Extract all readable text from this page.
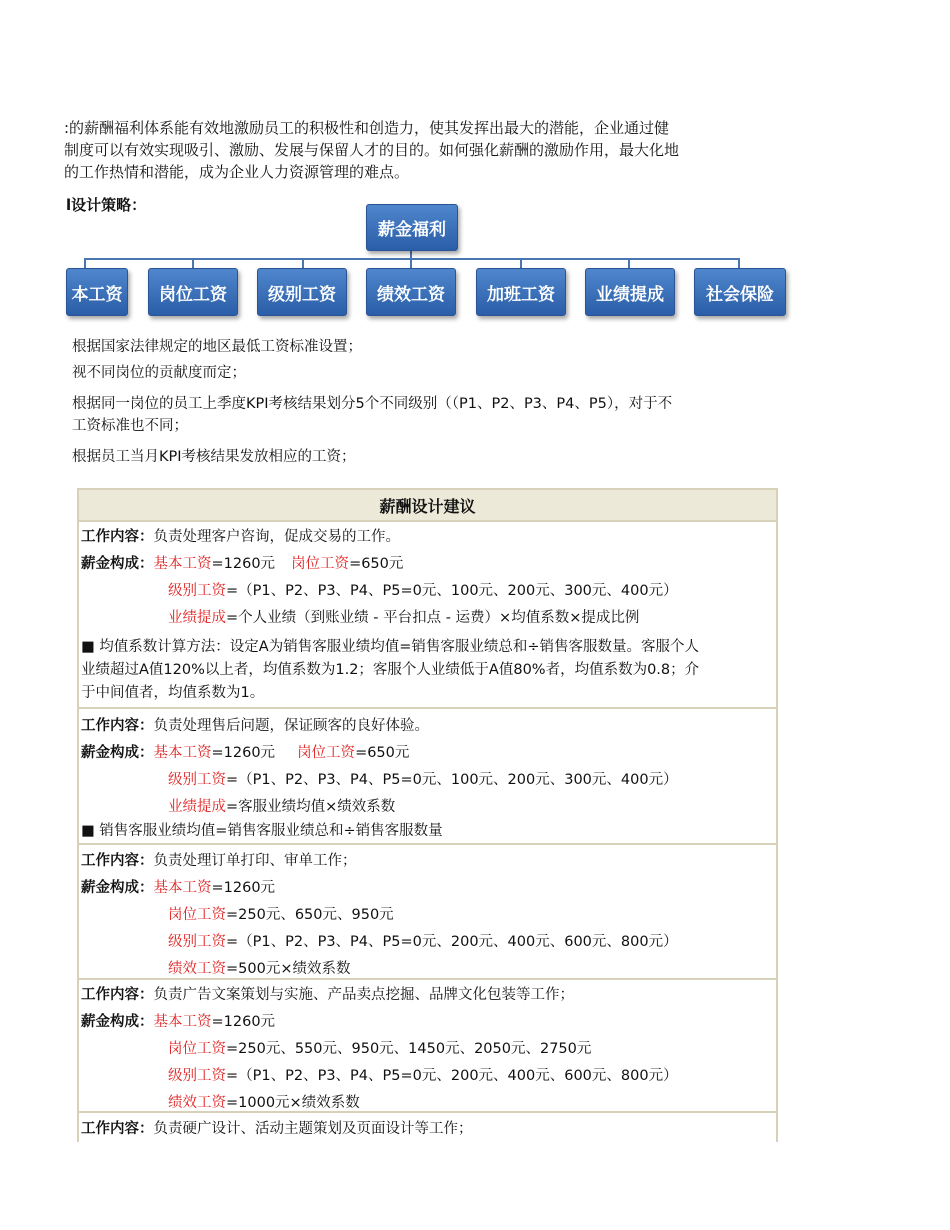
:的薪酬福利体系能有效地激励员工的积极性和创造力，使其发挥出最大的潜能，企业通过健
制度可以有效实现吸引、激励、发展与保留人才的目的。如何强化薪酬的激励作用，最大化地
的工作热情和潜能，成为企业人力资源管理的难点。
l设计策略：
薪金福利
本工资	岗位工资	级别工资	绩效工资	加班工资	业绩提成	社会保险
根据国家法律规定的地区最低工资标准设置；
视不同岗位的贡献度而定；
根据同一岗位的员工上季度KPI考核结果划分5个不同级别（（P1、P2、P3、P4、P5），对于不
工资标准也不同；
根据员工当月KPI考核结果发放相应的工资；
薪酬设计建议
工作内容：负责处理客户咨询，促成交易的工作。
薪金构成：基本工资=1260元 岗位工资=650元
级别工资=（P1、P2、P3、P4、P5=0元、100元、200元、300元、400元）
业绩提成=个人业绩（到账业绩 - 平台扣点 - 运费）×均值系数×提成比例
■ 均值系数计算方法：设定A为销售客服业绩均值=销售客服业绩总和÷销售客服数量。客服个人
业绩超过A值120%以上者，均值系数为1.2；客服个人业绩低于A值80%者，均值系数为0.8；介
于中间值者，均值系数为1。
工作内容：负责处理售后问题，保证顾客的良好体验。
薪金构成：基本工资=1260元 岗位工资=650元
级别工资=（P1、P2、P3、P4、P5=0元、100元、200元、300元、400元）
业绩提成=客服业绩均值×绩效系数
■ 销售客服业绩均值=销售客服业绩总和÷销售客服数量
工作内容：负责处理订单打印、审单工作；
薪金构成：基本工资=1260元
岗位工资=250元、650元、950元
级别工资=（P1、P2、P3、P4、P5=0元、200元、400元、600元、800元）
绩效工资=500元×绩效系数
工作内容：负责广告文案策划与实施、产品卖点挖掘、品牌文化包装等工作；
薪金构成：基本工资=1260元
岗位工资=250元、550元、950元、1450元、2050元、2750元
级别工资=（P1、P2、P3、P4、P5=0元、200元、400元、600元、800元）
绩效工资=1000元×绩效系数
工作内容：负责硬广设计、活动主题策划及页面设计等工作；
